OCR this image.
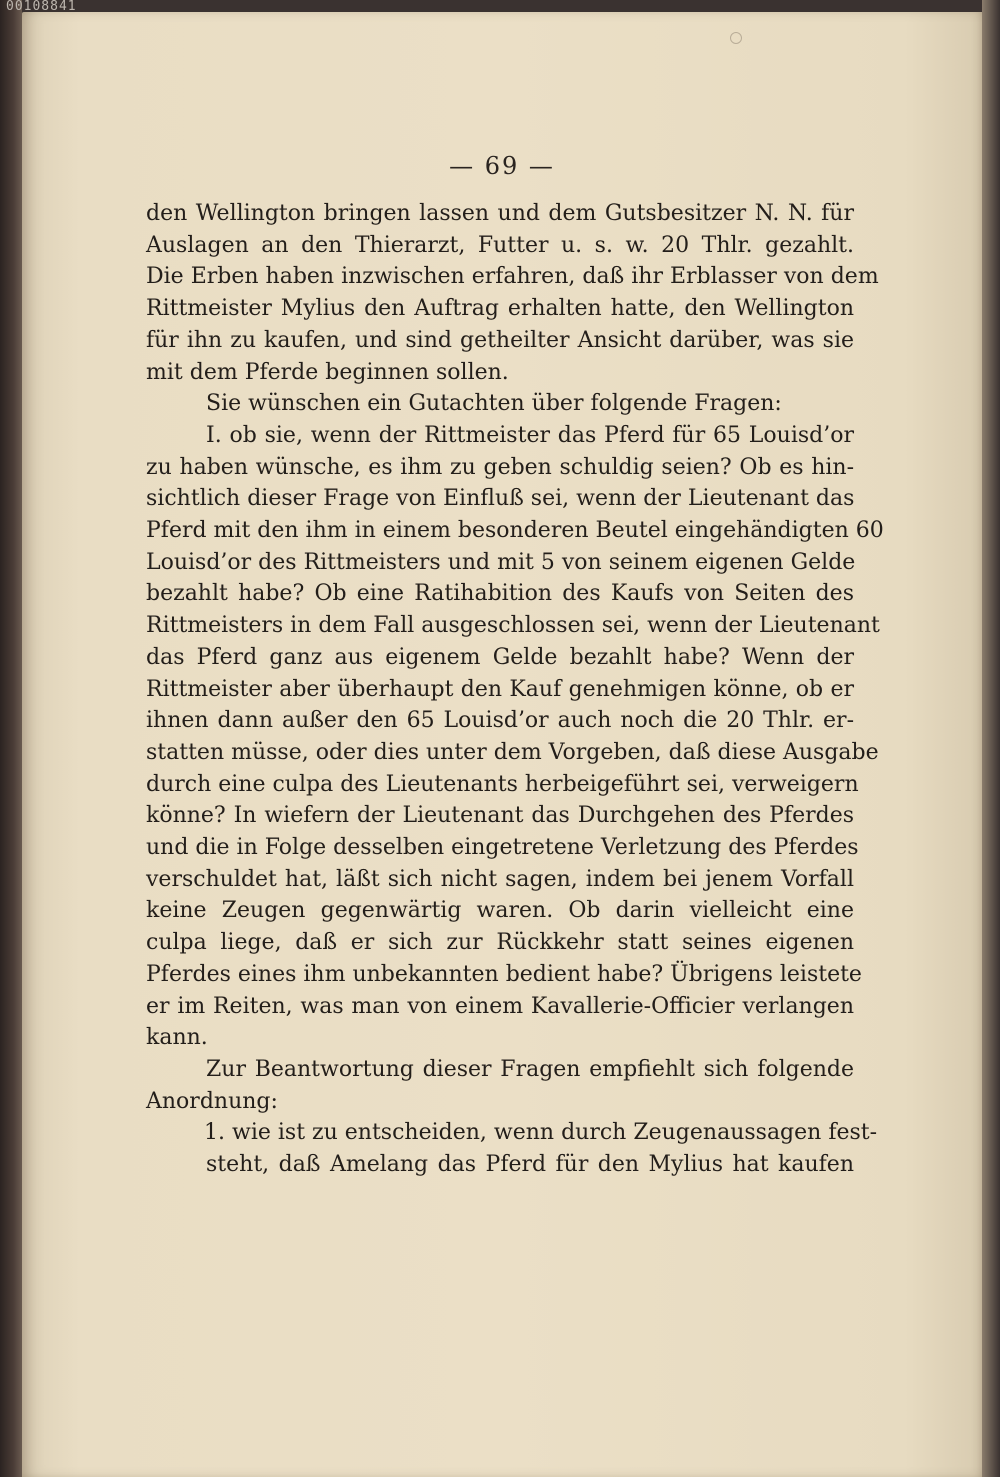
— 69 —
den Wellington bringen lassen und dem Gutsbesitzer N. N. für
Auslagen an den Thierarzt, Futter u. s. w. 20 Thlr. gezahlt.
Die Erben haben inzwischen erfahren, daß ihr Erblasser von dem
Rittmeister Mylius den Auftrag erhalten hatte, den Wellington
für ihn zu kaufen, und sind getheilter Ansicht darüber, was sie
mit dem Pferde beginnen sollen.
Sie wünschen ein Gutachten über folgende Fragen:
I. ob sie, wenn der Rittmeister das Pferd für 65 Louisd’or
zu haben wünsche, es ihm zu geben schuldig seien? Ob es hin-
sichtlich dieser Frage von Einfluß sei, wenn der Lieutenant das
Pferd mit den ihm in einem besonderen Beutel eingehändigten 60
Louisd’or des Rittmeisters und mit 5 von seinem eigenen Gelde
bezahlt habe? Ob eine Ratihabition des Kaufs von Seiten des
Rittmeisters in dem Fall ausgeschlossen sei, wenn der Lieutenant
das Pferd ganz aus eigenem Gelde bezahlt habe? Wenn der
Rittmeister aber überhaupt den Kauf genehmigen könne, ob er
ihnen dann außer den 65 Louisd’or auch noch die 20 Thlr. er-
statten müsse, oder dies unter dem Vorgeben, daß diese Ausgabe
durch eine culpa des Lieutenants herbeigeführt sei, verweigern
könne? In wiefern der Lieutenant das Durchgehen des Pferdes
und die in Folge desselben eingetretene Verletzung des Pferdes
verschuldet hat, läßt sich nicht sagen, indem bei jenem Vorfall
keine Zeugen gegenwärtig waren. Ob darin vielleicht eine
culpa liege, daß er sich zur Rückkehr statt seines eigenen
Pferdes eines ihm unbekannten bedient habe? Übrigens leistete
er im Reiten, was man von einem Kavallerie-Officier verlangen
kann.
Zur Beantwortung dieser Fragen empfiehlt sich folgende
Anordnung:
1. wie ist zu entscheiden, wenn durch Zeugenaussagen fest-
steht, daß Amelang das Pferd für den Mylius hat kaufen
00108841
